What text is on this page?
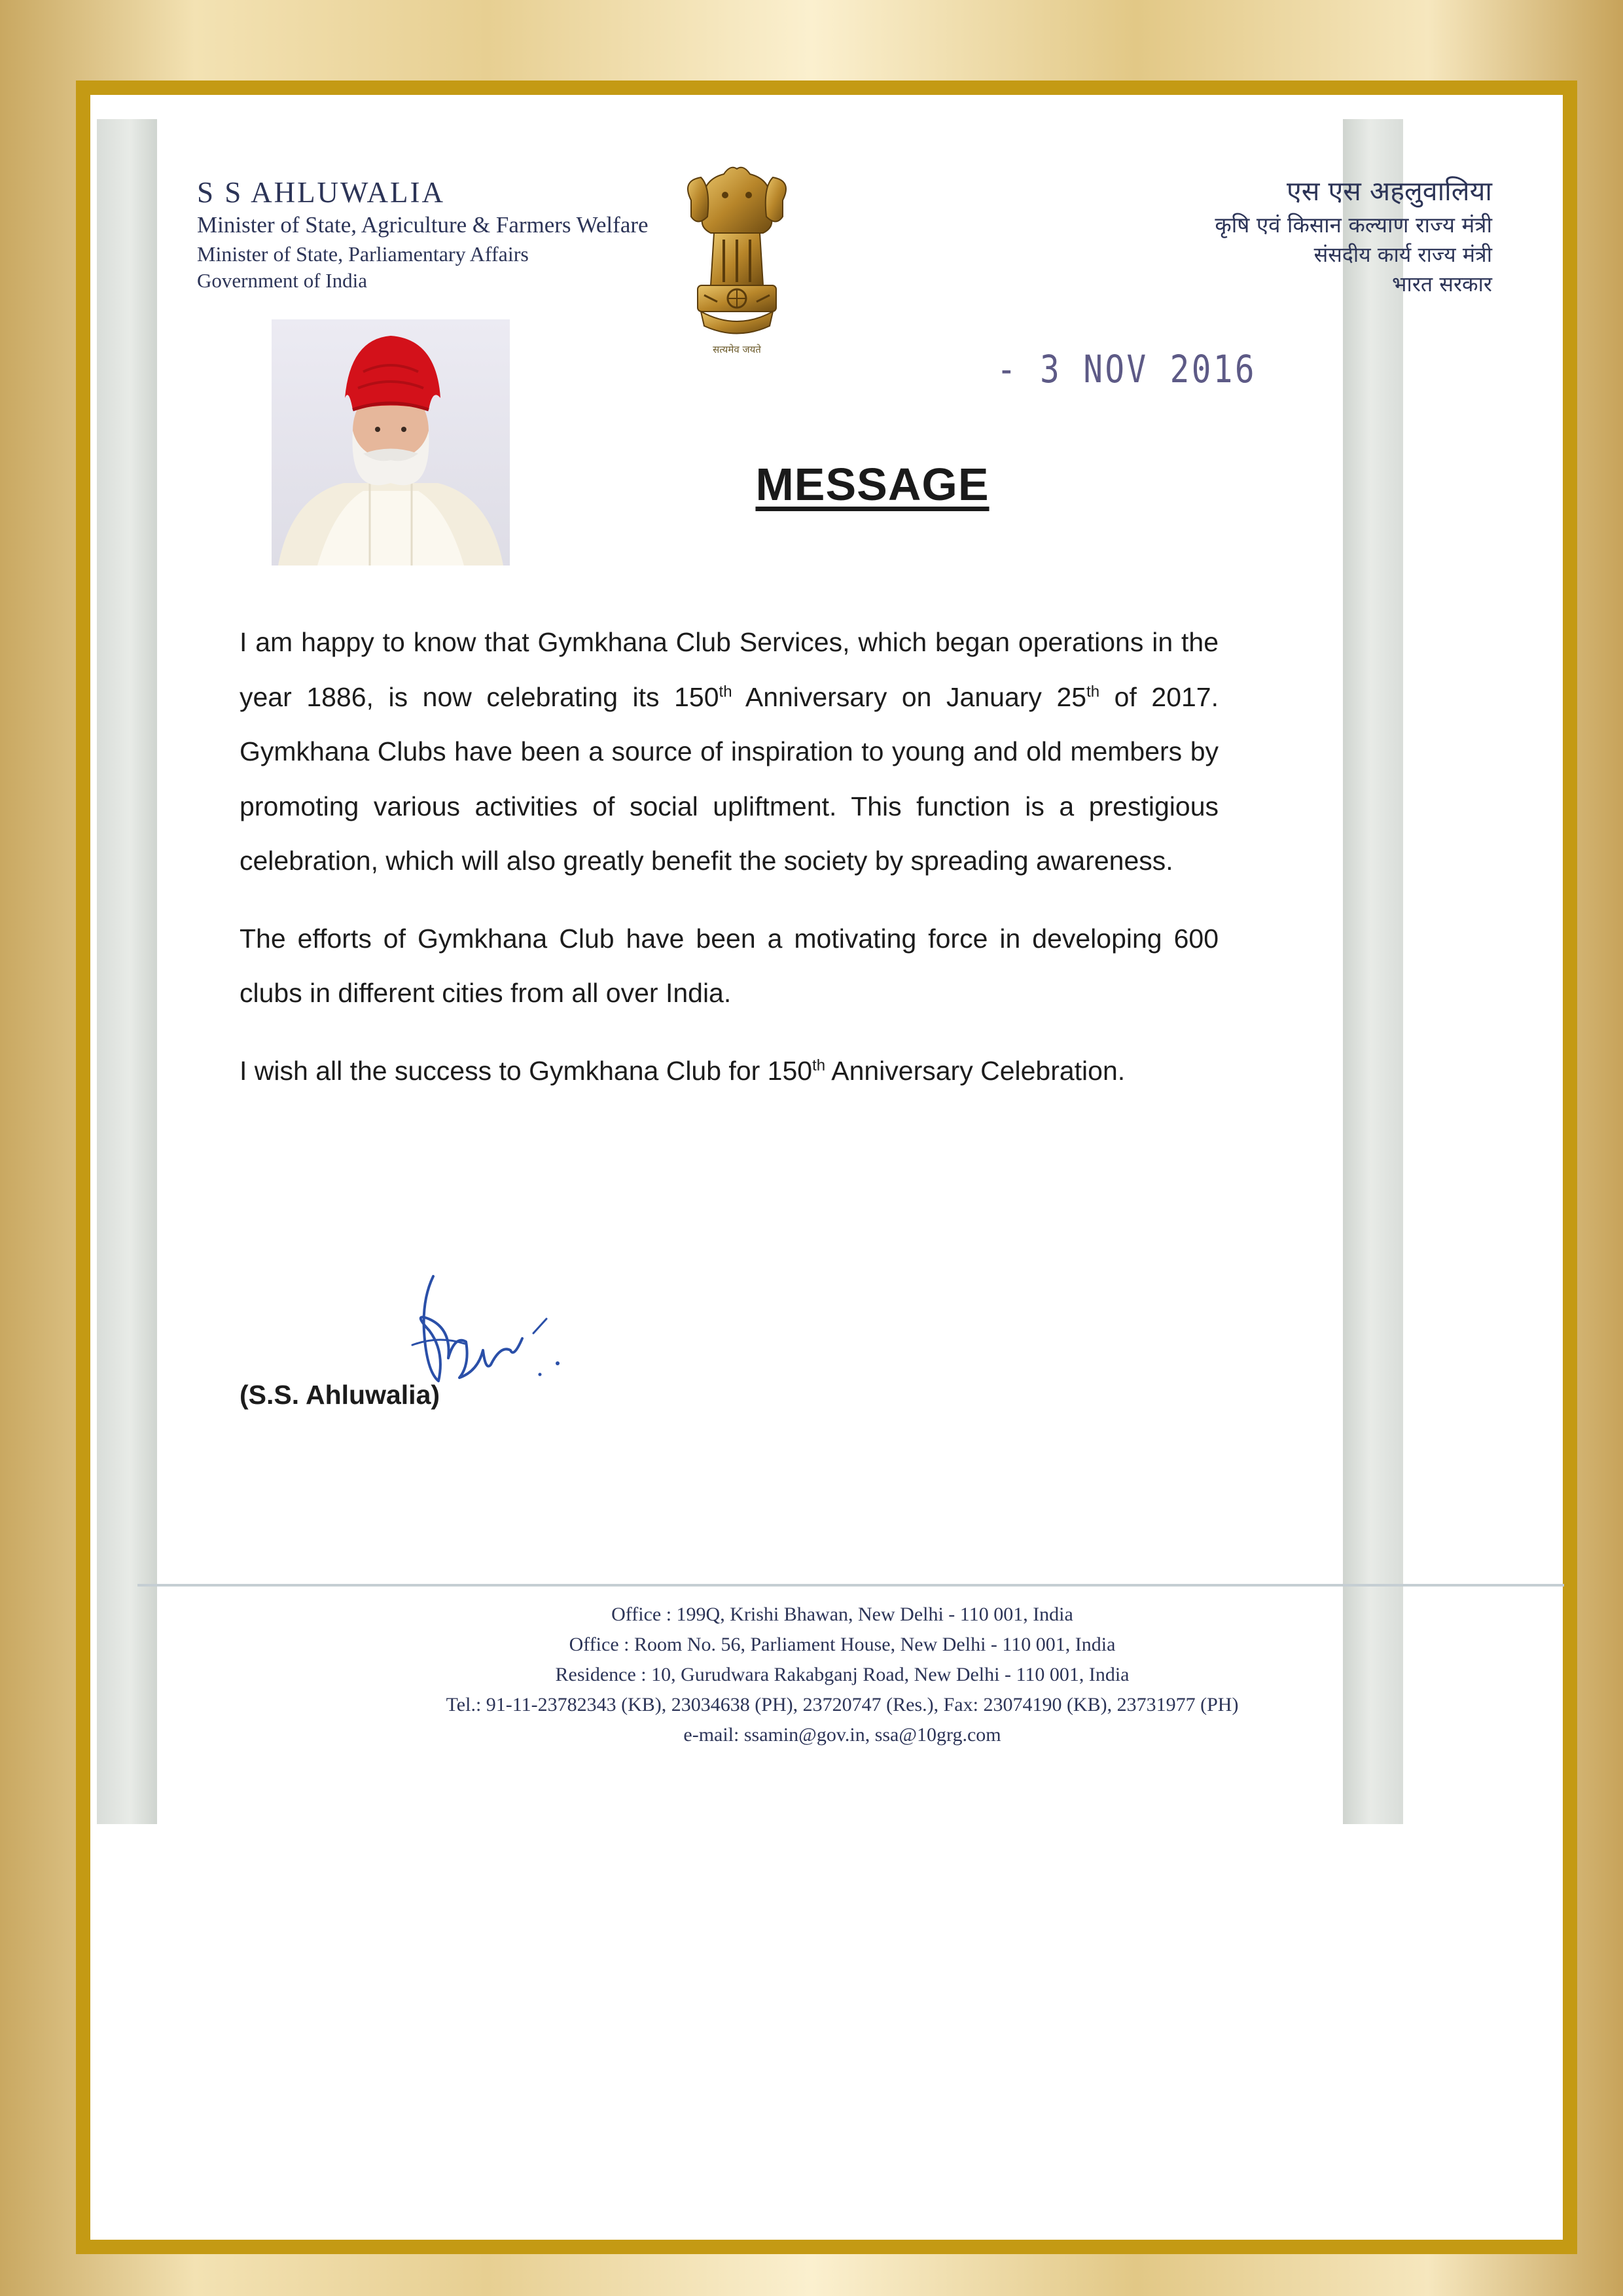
S S AHLUWALIA
Minister of State, Agriculture & Farmers Welfare
Minister of State, Parliamentary Affairs
Government of India
एस एस अहलुवालिया
कृषि एवं किसान कल्याण राज्य मंत्री
संसदीय कार्य राज्य मंत्री
भारत सरकार
सत्यमेव जयते	- 3 NOV 2016
MESSAGE

I am happy to know that Gymkhana Club Services, which began operations in the year 1886, is now celebrating its 150th Anniversary on January 25th of 2017. Gymkhana Clubs have been a source of inspiration to young and old members by promoting various activities of social upliftment. This function is a prestigious celebration, which will also greatly benefit the society by spreading awareness.

The efforts of Gymkhana Club have been a motivating force in developing 600 clubs in different cities from all over India.

I wish all the success to Gymkhana Club for 150th Anniversary Celebration.

(S.S. Ahluwalia)
Office : 199Q, Krishi Bhawan, New Delhi - 110 001, India
Office : Room No. 56, Parliament House, New Delhi - 110 001, India
Residence : 10, Gurudwara Rakabganj Road, New Delhi - 110 001, India
Tel.: 91-11-23782343 (KB), 23034638 (PH), 23720747 (Res.), Fax: 23074190 (KB), 23731977 (PH)
e-mail: ssamin@gov.in, ssa@10grg.com
